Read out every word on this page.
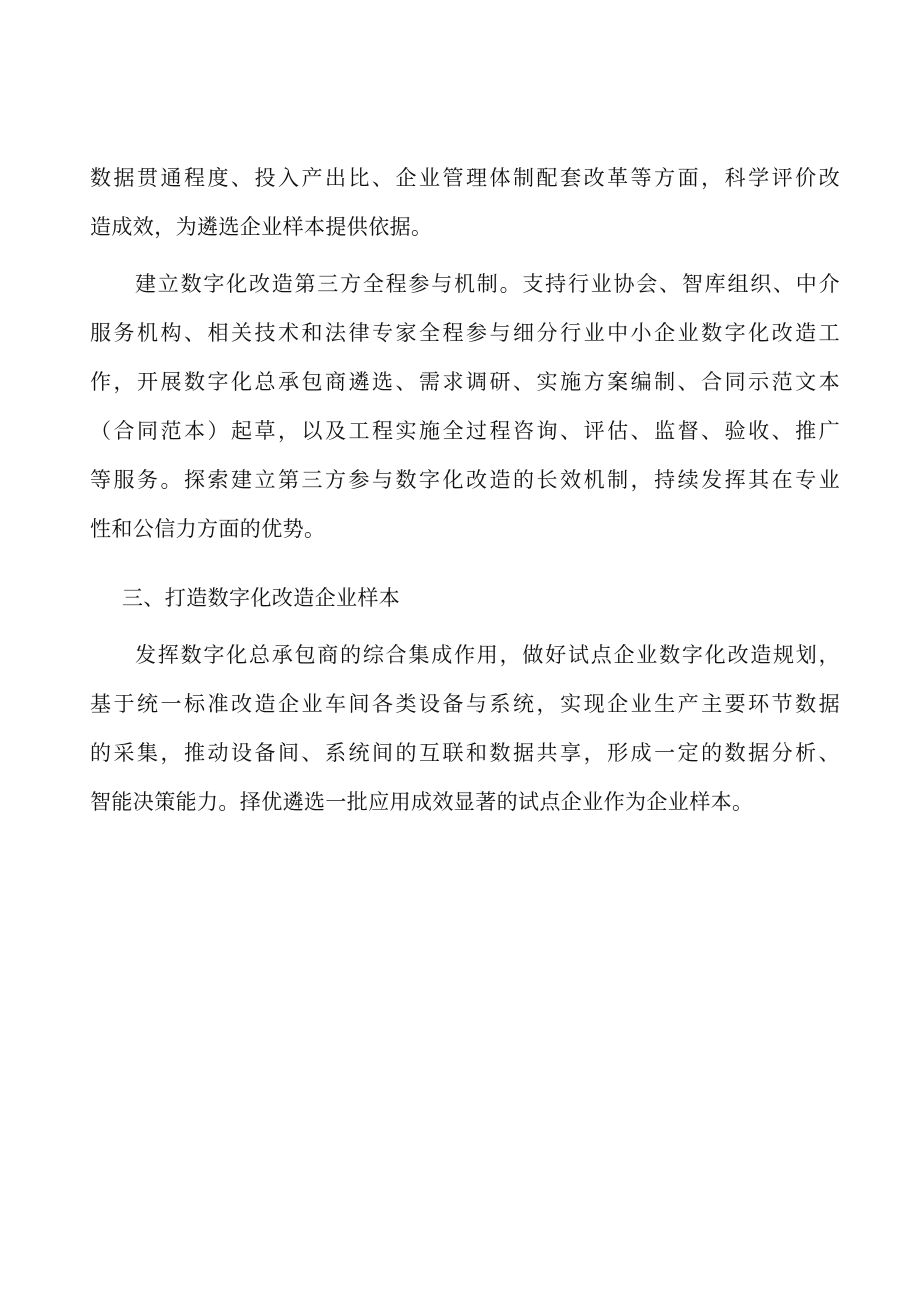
数据贯通程度、投入产出比、企业管理体制配套改革等方面，科学评价改
造成效，为遴选企业样本提供依据。
建立数字化改造第三方全程参与机制。支持行业协会、智库组织、中介
服务机构、相关技术和法律专家全程参与细分行业中小企业数字化改造工
作，开展数字化总承包商遴选、需求调研、实施方案编制、合同示范文本
（合同范本）起草，以及工程实施全过程咨询、评估、监督、验收、推广
等服务。探索建立第三方参与数字化改造的长效机制，持续发挥其在专业
性和公信力方面的优势。
三、打造数字化改造企业样本
发挥数字化总承包商的综合集成作用，做好试点企业数字化改造规划，
基于统一标准改造企业车间各类设备与系统，实现企业生产主要环节数据
的采集，推动设备间、系统间的互联和数据共享，形成一定的数据分析、
智能决策能力。择优遴选一批应用成效显著的试点企业作为企业样本。
